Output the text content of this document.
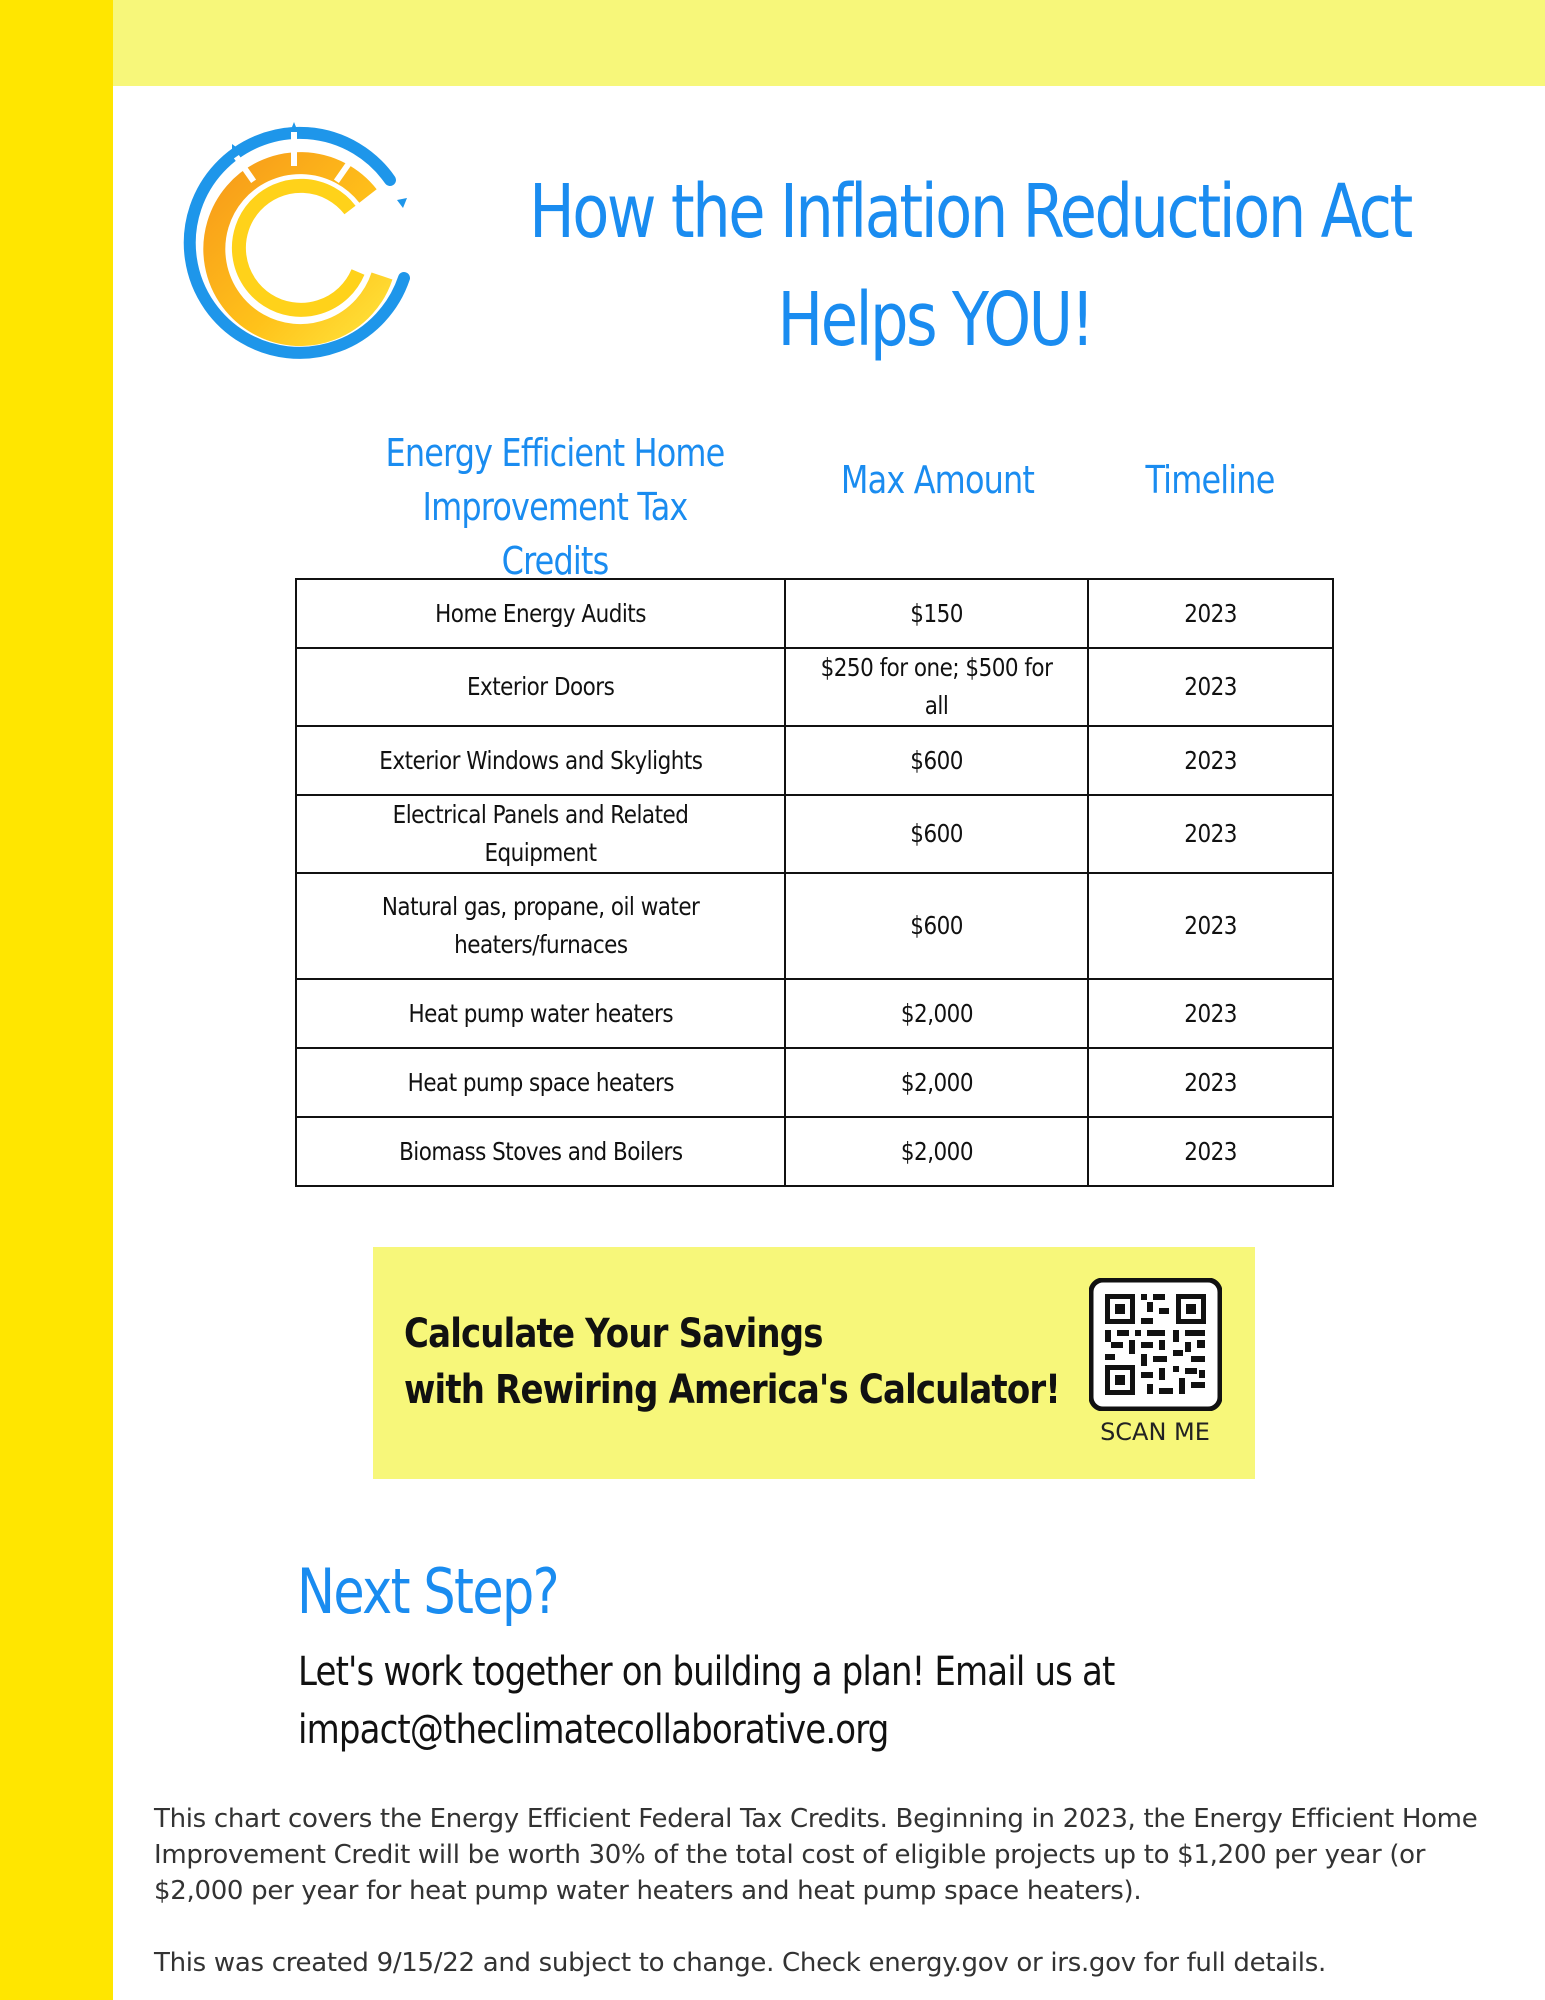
How the Inflation Reduction Act
Helps YOU!
Energy Efficient Home
Improvement Tax Credits
Max Amount	Timeline
Home Energy Audits	$150	2023
Exterior Doors	$250 for one; $500 for all	2023
Exterior Windows and Skylights	$600	2023
Electrical Panels and Related Equipment	$600	2023
Natural gas, propane, oil water
heaters/furnaces	$600	2023
Heat pump water heaters	$2,000	2023
Heat pump space heaters	$2,000	2023
Biomass Stoves and Boilers	$2,000	2023
Calculate Your Savings
with Rewiring America's Calculator!
SCAN ME
Next Step?
Let's work together on building a plan! Email us at
impact@theclimatecollaborative.org

This chart covers the Energy Efficient Federal Tax Credits. Beginning in 2023, the Energy Efficient Home Improvement Credit will be worth 30% of the total cost of eligible projects up to $1,200 per year (or $2,000 per year for heat pump water heaters and heat pump space heaters).

This was created 9/15/22 and subject to change. Check energy.gov or irs.gov for full details.
